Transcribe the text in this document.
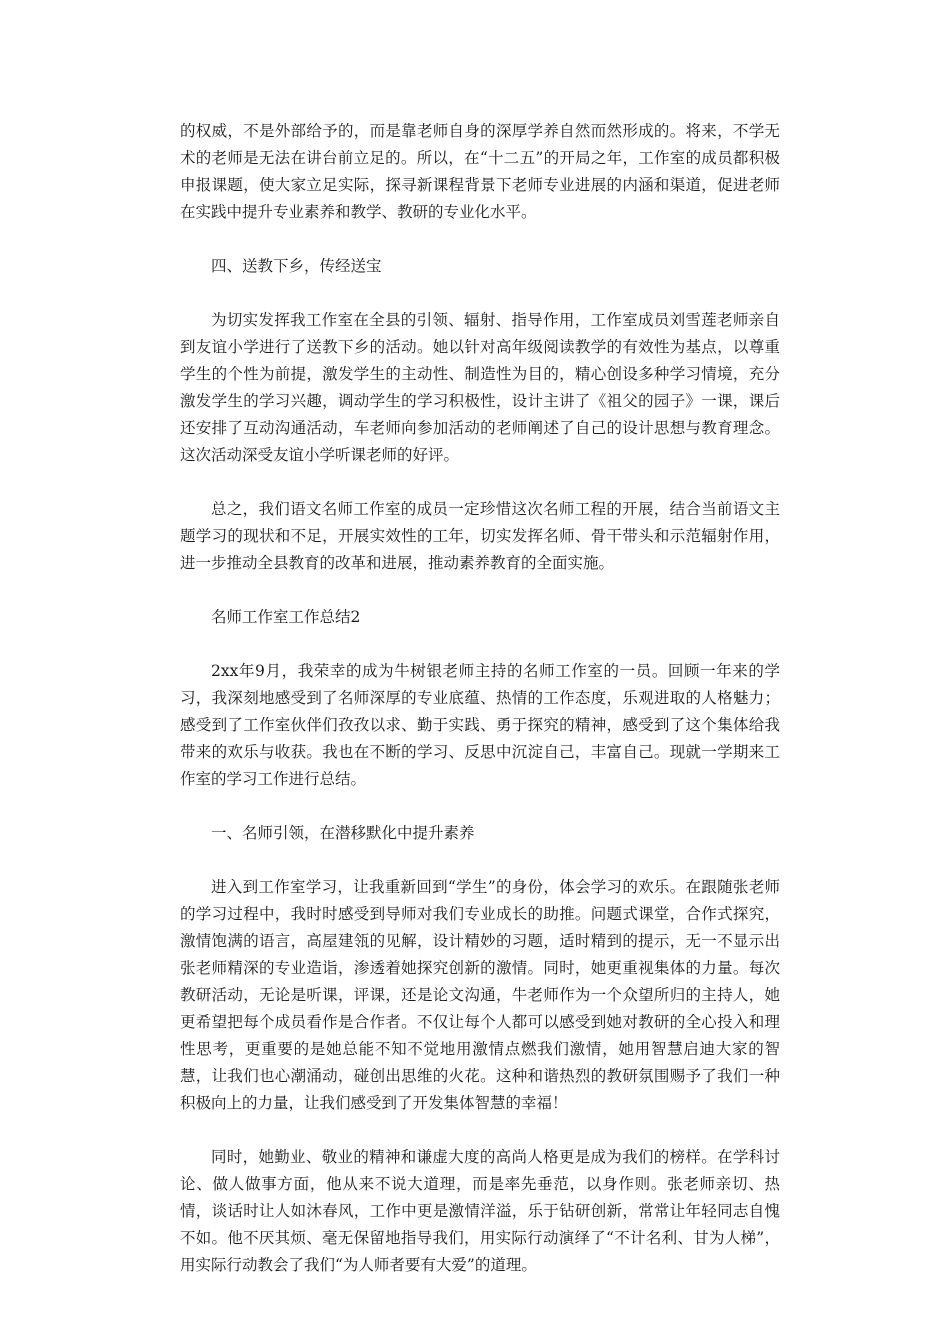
的权威，不是外部给予的，而是靠老师自身的深厚学养自然而然形成的。将来，不学无术的老师是无法在讲台前立足的。所以，在“十二五”的开局之年，工作室的成员都积极申报课题，使大家立足实际，探寻新课程背景下老师专业进展的内涵和渠道，促进老师在实践中提升专业素养和教学、教研的专业化水平。

四、送教下乡，传经送宝

为切实发挥我工作室在全县的引领、辐射、指导作用，工作室成员刘雪莲老师亲自到友谊小学进行了送教下乡的活动。她以针对高年级阅读教学的有效性为基点，以尊重学生的个性为前提，激发学生的主动性、制造性为目的，精心创设多种学习情境，充分激发学生的学习兴趣，调动学生的学习积极性，设计主讲了《祖父的园子》一课，课后还安排了互动沟通活动，车老师向参加活动的老师阐述了自己的设计思想与教育理念。这次活动深受友谊小学听课老师的好评。

总之，我们语文名师工作室的成员一定珍惜这次名师工程的开展，结合当前语文主题学习的现状和不足，开展实效性的工年，切实发挥名师、骨干带头和示范辐射作用，进一步推动全县教育的改革和进展，推动素养教育的全面实施。

名师工作室工作总结2

2xx年9月，我荣幸的成为牛树银老师主持的名师工作室的一员。回顾一年来的学习，我深刻地感受到了名师深厚的专业底蕴、热情的工作态度，乐观进取的人格魅力；感受到了工作室伙伴们孜孜以求、勤于实践、勇于探究的精神，感受到了这个集体给我带来的欢乐与收获。我也在不断的学习、反思中沉淀自己，丰富自己。现就一学期来工作室的学习工作进行总结。

一、名师引领，在潜移默化中提升素养

进入到工作室学习，让我重新回到“学生”的身份，体会学习的欢乐。在跟随张老师的学习过程中，我时时感受到导师对我们专业成长的助推。问题式课堂，合作式探究，激情饱满的语言，高屋建瓴的见解，设计精妙的习题，适时精到的提示，无一不显示出张老师精深的专业造诣，渗透着她探究创新的激情。同时，她更重视集体的力量。每次教研活动，无论是听课，评课，还是论文沟通，牛老师作为一个众望所归的主持人，她更希望把每个成员看作是合作者。不仅让每个人都可以感受到她对教研的全心投入和理性思考，更重要的是她总能不知不觉地用激情点燃我们激情，她用智慧启迪大家的智慧，让我们也心潮涌动，碰创出思维的火花。这种和谐热烈的教研氛围赐予了我们一种积极向上的力量，让我们感受到了开发集体智慧的幸福！

同时，她勤业、敬业的精神和谦虚大度的高尚人格更是成为我们的榜样。在学科讨论、做人做事方面，他从来不说大道理，而是率先垂范，以身作则。张老师亲切、热情，谈话时让人如沐春风，工作中更是激情洋溢，乐于钻研创新，常常让年轻同志自愧不如。他不厌其烦、毫无保留地指导我们，用实际行动演绎了“不计名利、甘为人梯”，用实际行动教会了我们“为人师者要有大爱”的道理。
